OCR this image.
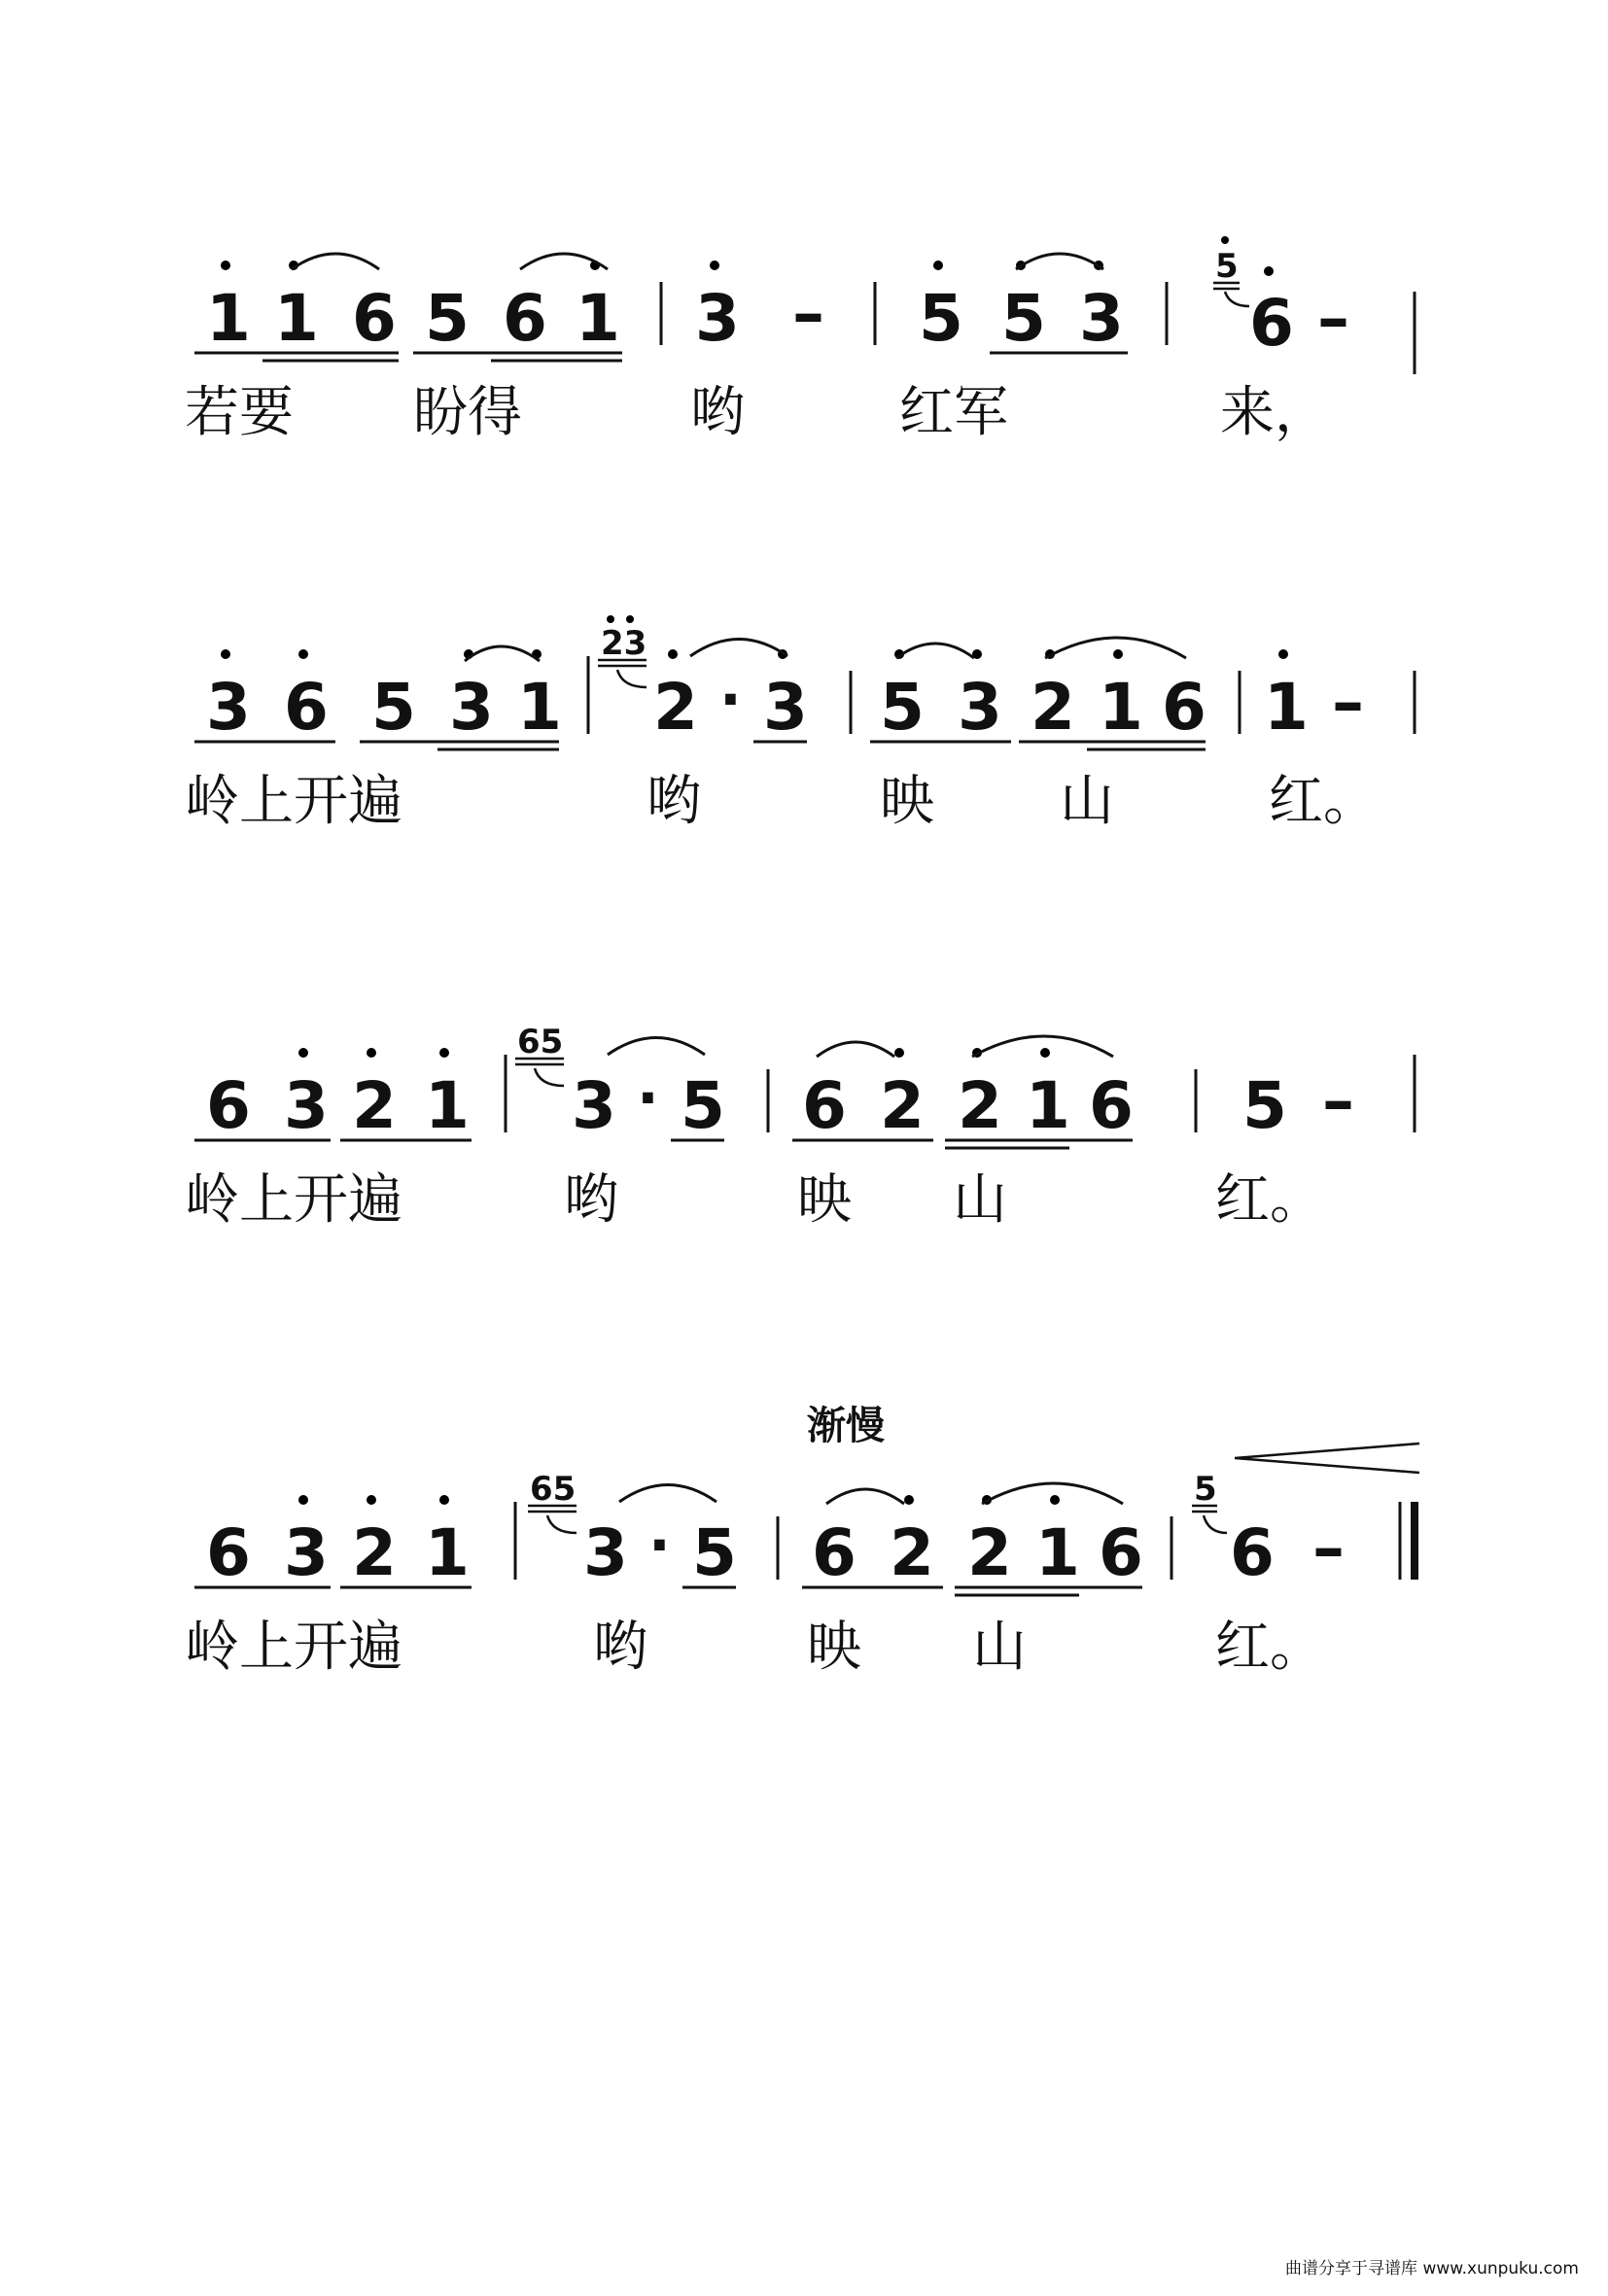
1 1 6 5 6 1 3 – 5 5 3
5
6 –
若要 盼得	哟	红军	来，
3 6 5 3 1
23
2 · 3 5 3 2 1 6 1 –
岭上开遍	哟	映 山	红。
6 3 2 1
65
3 · 5 6 2 2 1 6 5 –
岭上开遍	哟	映 山	红。
渐慢
6 3 2 1
65
3 · 5 6 2 2 1 6
5
6 –
岭上开遍	哟	映 山	红。
曲谱分享于寻谱库 www.xunpuku.com
